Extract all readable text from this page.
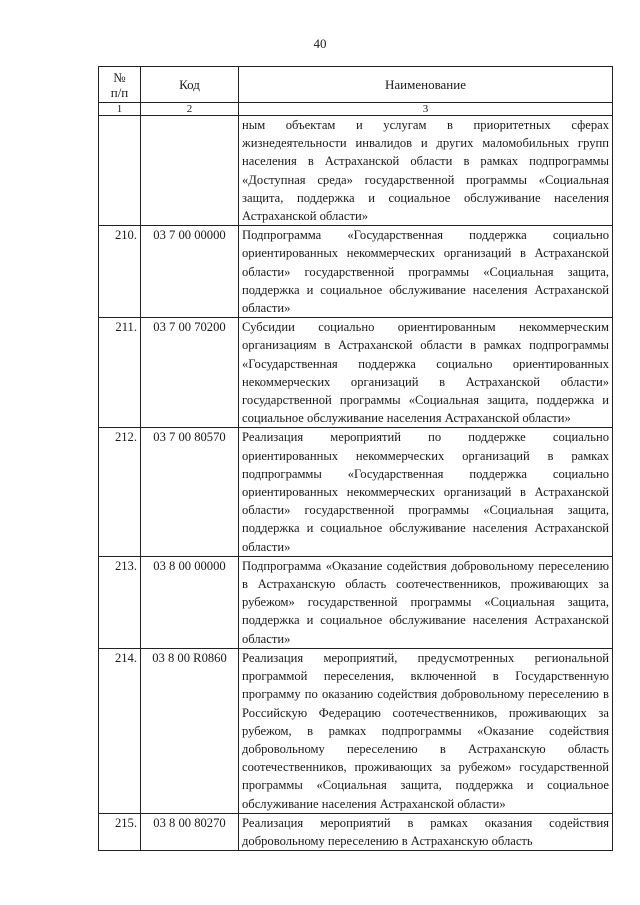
40
№
п/п	Код	Наименование
1	2	3
		ным объектам и услугам в приоритетных сферах жизнедеятельности инвалидов и других маломобильных групп населения в Астраханской области в рамках подпрограммы «Доступная среда» государственной программы «Социальная защита, поддержка и социальное обслуживание населения Астраханской области»
210.	03 7 00 00000	Подпрограмма «Государственная поддержка социально ориентированных некоммерческих организаций в Астраханской области» государственной программы «Социальная защита, поддержка и социальное обслуживание населения Астраханской области»
211.	03 7 00 70200	Субсидии социально ориентированным некоммерческим организациям в Астраханской области в рамках подпрограммы «Государственная поддержка социально ориентированных некоммерческих организаций в Астраханской области» государственной программы «Социальная защита, поддержка и социальное обслуживание населения Астраханской области»
212.	03 7 00 80570	Реализация мероприятий по поддержке социально ориентированных некоммерческих организаций в рамках подпрограммы «Государственная поддержка социально ориентированных некоммерческих организаций в Астраханской области» государственной программы «Социальная защита, поддержка и социальное обслуживание населения Астраханской области»
213.	03 8 00 00000	Подпрограмма «Оказание содействия добровольному переселению в Астраханскую область соотечественников, проживающих за рубежом» государственной программы «Социальная защита, поддержка и социальное обслуживание населения Астраханской области»
214.	03 8 00 R0860	Реализация мероприятий, предусмотренных региональной программой переселения, включенной в Государственную программу по оказанию содействия добровольному переселению в Российскую Федерацию соотечественников, проживающих за рубежом, в рамках подпрограммы «Оказание содействия добровольному переселению в Астраханскую область соотечественников, проживающих за рубежом» государственной программы «Социальная защита, поддержка и социальное обслуживание населения Астраханской области»
215.	03 8 00 80270	Реализация мероприятий в рамках оказания содействия добровольному переселению в Астраханскую область
